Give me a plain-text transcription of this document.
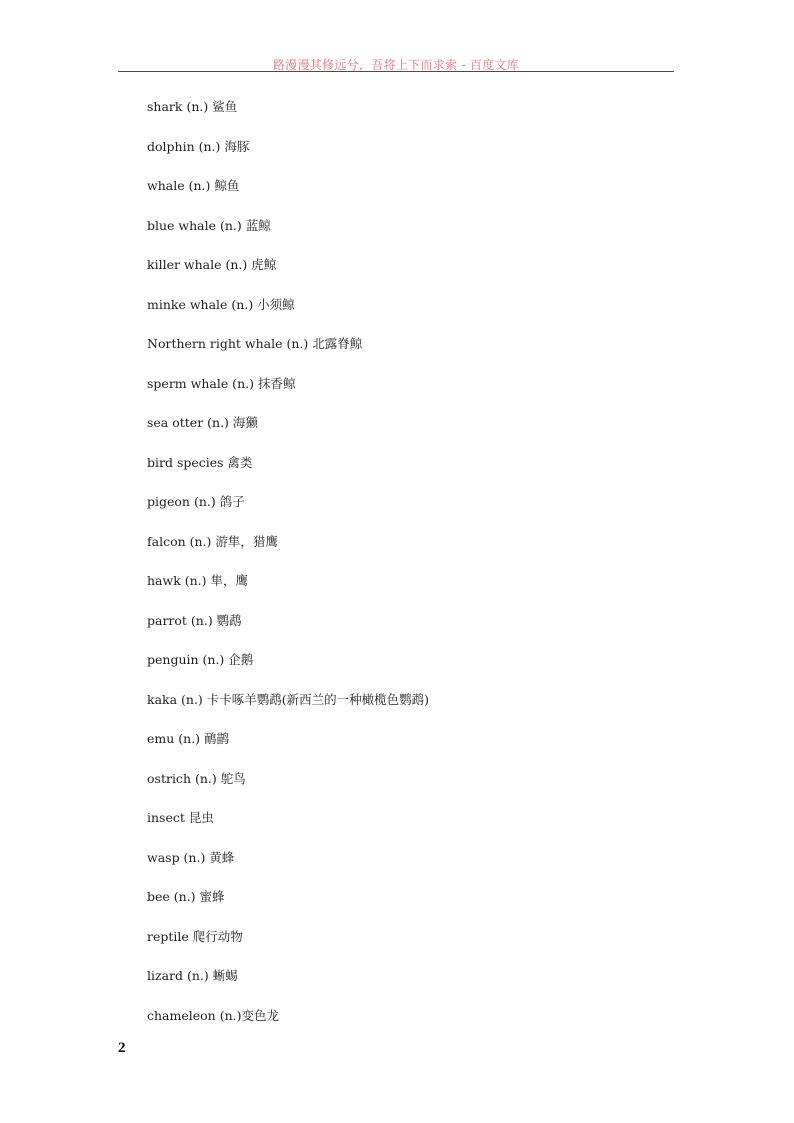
路漫漫其修远兮，吾将上下而求索 - 百度文库
shark (n.) 鲨鱼
dolphin (n.) 海豚
whale (n.) 鲸鱼
blue whale (n.) 蓝鲸
killer whale (n.) 虎鲸
minke whale (n.) 小须鲸
Northern right whale (n.) 北露脊鲸
sperm whale (n.) 抹香鲸
sea otter (n.) 海獭
bird species 禽类
pigeon (n.) 鸽子
falcon (n.) 游隼，猎鹰
hawk (n.) 隼，鹰
parrot (n.) 鹦鹉
penguin (n.) 企鹅
kaka (n.) 卡卡啄羊鹦鹉(新西兰的一种橄榄色鹦鹉)
emu (n.) 鸸鹋
ostrich (n.) 鸵鸟
insect 昆虫
wasp (n.) 黄蜂
bee (n.) 蜜蜂
reptile 爬行动物
lizard (n.) 蜥蜴
chameleon (n.)变色龙
2
